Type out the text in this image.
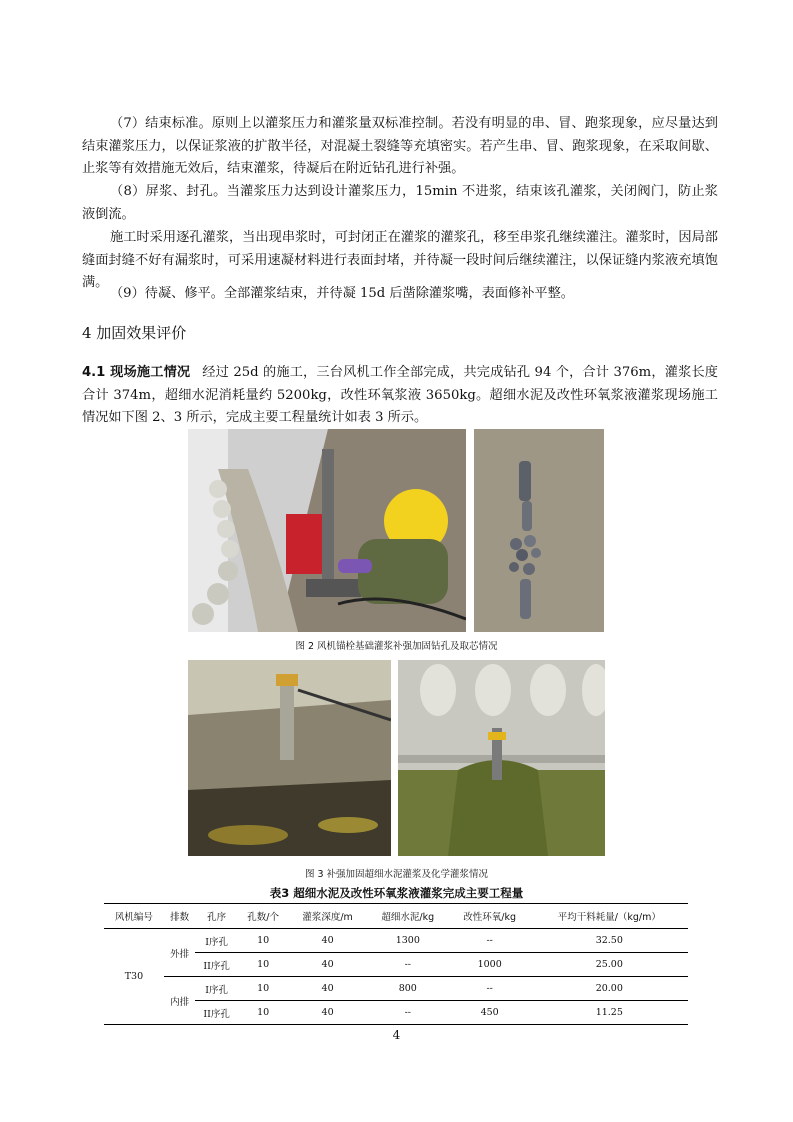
（7）结束标准。原则上以灌浆压力和灌浆量双标准控制。若没有明显的串、冒、跑浆现象，应尽量达到结束灌浆压力，以保证浆液的扩散半径，对混凝土裂缝等充填密实。若产生串、冒、跑浆现象，在采取间歇、止浆等有效措施无效后，结束灌浆，待凝后在附近钻孔进行补强。

（8）屏浆、封孔。当灌浆压力达到设计灌浆压力，15min 不进浆，结束该孔灌浆，关闭阀门，防止浆液倒流。

施工时采用逐孔灌浆，当出现串浆时，可封闭正在灌浆的灌浆孔，移至串浆孔继续灌注。灌浆时，因局部缝面封缝不好有漏浆时，可采用速凝材料进行表面封堵，并待凝一段时间后继续灌注，以保证缝内浆液充填饱满。

（9）待凝、修平。全部灌浆结束，并待凝 15d 后凿除灌浆嘴，表面修补平整。

4 加固效果评价

4.1 现场施工情况 经过 25d 的施工，三台风机工作全部完成，共完成钻孔 94 个，合计 376m，灌浆长度合计 374m，超细水泥消耗量约 5200kg，改性环氧浆液 3650kg。超细水泥及改性环氧浆液灌浆现场施工情况如下图 2、3 所示，完成主要工程量统计如表 3 所示。

图 2 风机锚栓基础灌浆补强加固钻孔及取芯情况
图 3 补强加固超细水泥灌浆及化学灌浆情况
表3 超细水泥及改性环氧浆液灌浆完成主要工程量
风机编号	排数	孔序	孔数/个	灌浆深度/m	超细水泥/kg	改性环氧/kg	平均干料耗量/（kg/m）
T30	外排	I序孔	10	40	1300	--	32.50
		II序孔	10	40	--	1000	25.00
	内排	I序孔	10	40	800	--	20.00
		II序孔	10	40	--	450	11.25
4
